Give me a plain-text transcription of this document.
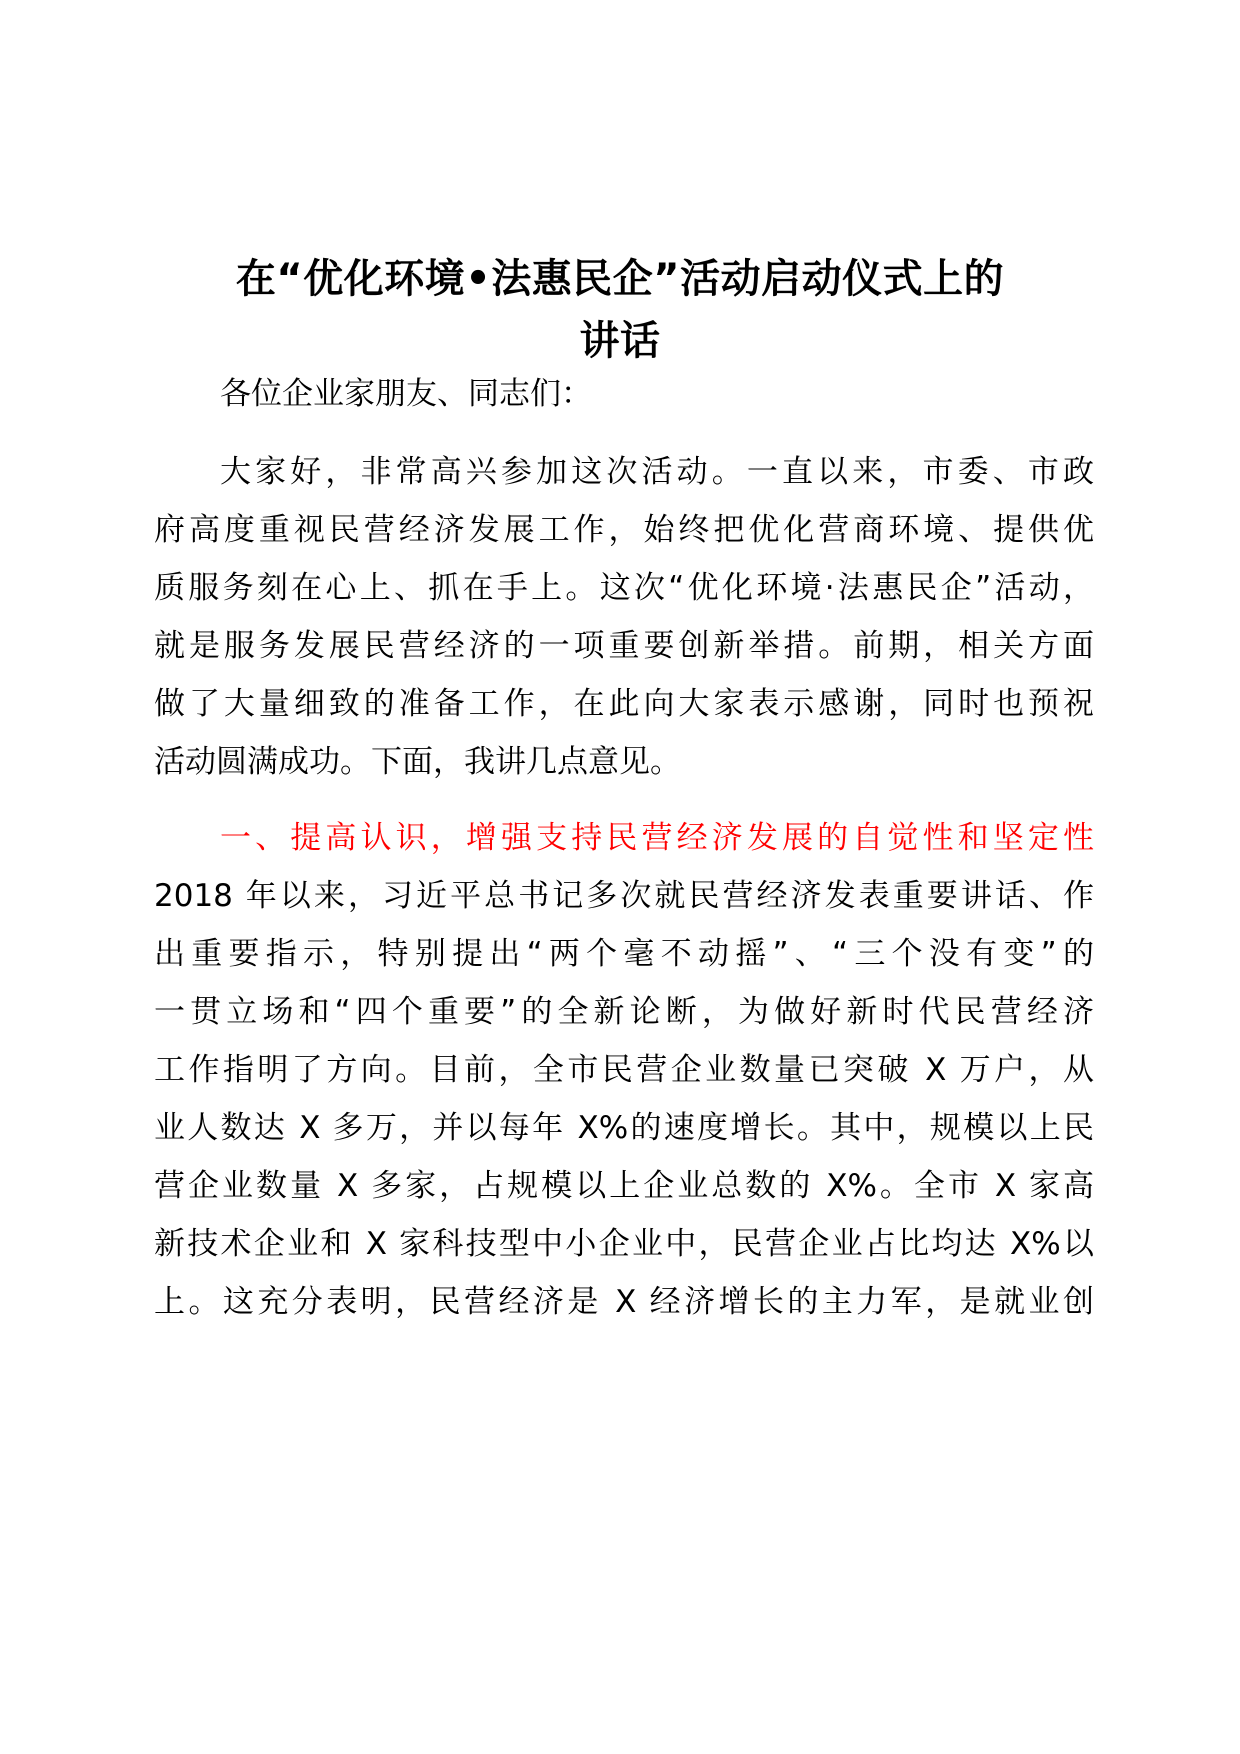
在“优化环境•法惠民企”活动启动仪式上的
讲话
各位企业家朋友、同志们：
大家好，非常高兴参加这次活动。一直以来，市委、市政
府高度重视民营经济发展工作，始终把优化营商环境、提供优
质服务刻在心上、抓在手上。这次“优化环境·法惠民企”活动，
就是服务发展民营经济的一项重要创新举措。前期，相关方面
做了大量细致的准备工作，在此向大家表示感谢，同时也预祝
活动圆满成功。下面，我讲几点意见。
一、提高认识，增强支持民营经济发展的自觉性和坚定性
2018 年以来，习近平总书记多次就民营经济发表重要讲话、作
出重要指示，特别提出“两个毫不动摇”、“三个没有变”的
一贯立场和“四个重要”的全新论断，为做好新时代民营经济
工作指明了方向。目前，全市民营企业数量已突破 X 万户，从
业人数达 X 多万，并以每年 X%的速度增长。其中，规模以上民
营企业数量 X 多家，占规模以上企业总数的 X%。全市 X 家高
新技术企业和 X 家科技型中小企业中，民营企业占比均达 X%以
上。这充分表明，民营经济是 X 经济增长的主力军，是就业创
